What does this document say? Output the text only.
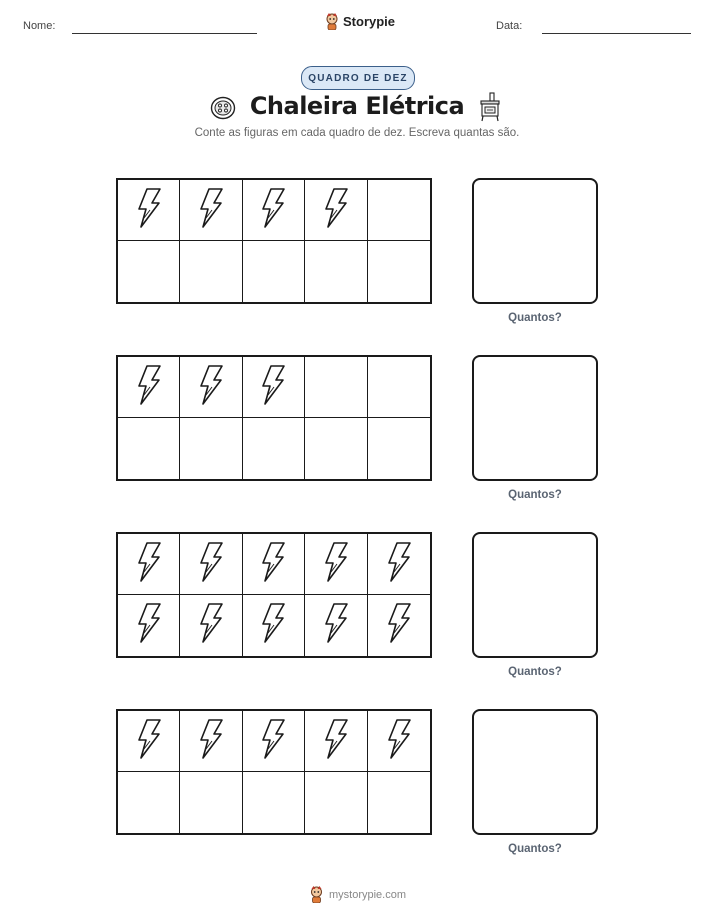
Nome:	Storypie	Data:
QUADRO DE DEZ
Chaleira Elétrica
Conte as figuras em cada quadro de dez. Escreva quantas são.
Quantos?
Quantos?
Quantos?
Quantos?
mystorypie.com
